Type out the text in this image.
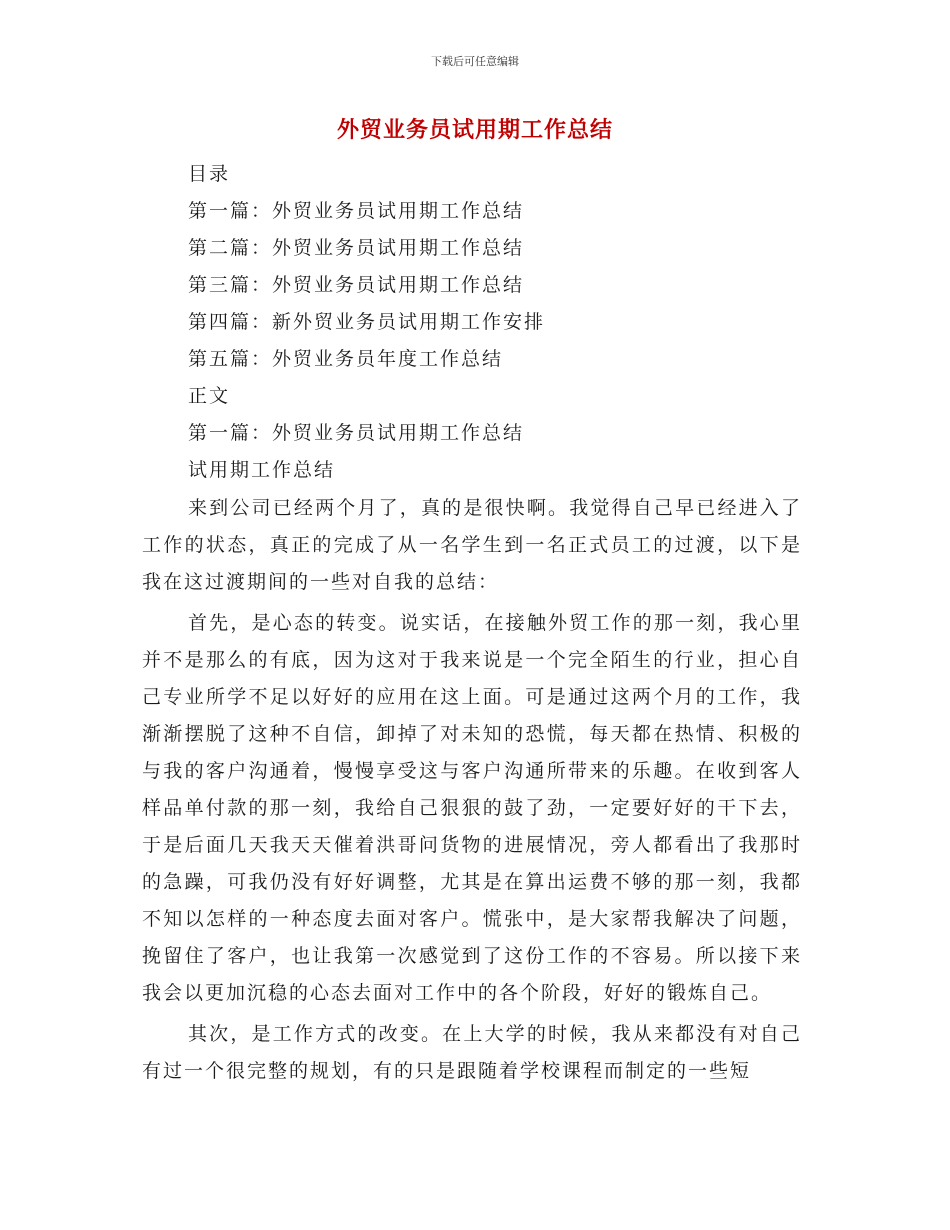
下载后可任意编辑
外贸业务员试用期工作总结
目录
第一篇：外贸业务员试用期工作总结
第二篇：外贸业务员试用期工作总结
第三篇：外贸业务员试用期工作总结
第四篇：新外贸业务员试用期工作安排
第五篇：外贸业务员年度工作总结
正文
第一篇：外贸业务员试用期工作总结
试用期工作总结

来到公司已经两个月了，真的是很快啊。我觉得自己早已经进入了工作的状态，真正的完成了从一名学生到一名正式员工的过渡，以下是我在这过渡期间的一些对自我的总结：

首先，是心态的转变。说实话，在接触外贸工作的那一刻，我心里并不是那么的有底，因为这对于我来说是一个完全陌生的行业，担心自己专业所学不足以好好的应用在这上面。可是通过这两个月的工作，我渐渐摆脱了这种不自信，卸掉了对未知的恐慌，每天都在热情、积极的与我的客户沟通着，慢慢享受这与客户沟通所带来的乐趣。在收到客人样品单付款的那一刻，我给自己狠狠的鼓了劲，一定要好好的干下去，于是后面几天我天天催着洪哥问货物的进展情况，旁人都看出了我那时的急躁，可我仍没有好好调整，尤其是在算出运费不够的那一刻，我都不知以怎样的一种态度去面对客户。慌张中，是大家帮我解决了问题，挽留住了客户，也让我第一次感觉到了这份工作的不容易。所以接下来我会以更加沉稳的心态去面对工作中的各个阶段，好好的锻炼自己。

其次，是工作方式的改变。在上大学的时候，我从来都没有对自己有过一个很完整的规划，有的只是跟随着学校课程而制定的一些短
